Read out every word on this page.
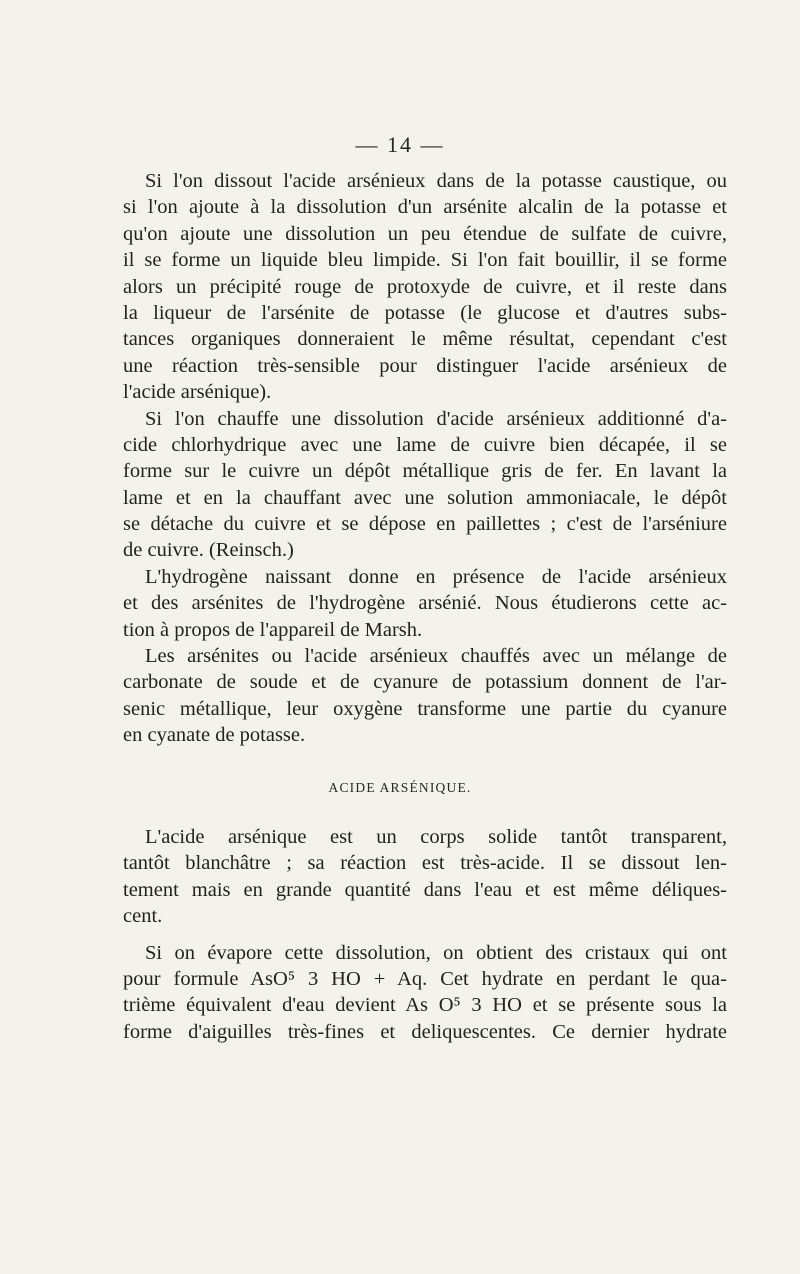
— 14 —
Si l'on dissout l'acide arsénieux dans de la potasse caustique, ou
si l'on ajoute à la dissolution d'un arsénite alcalin de la potasse et
qu'on ajoute une dissolution un peu étendue de sulfate de cuivre,
il se forme un liquide bleu limpide. Si l'on fait bouillir, il se forme
alors un précipité rouge de protoxyde de cuivre, et il reste dans
la liqueur de l'arsénite de potasse (le glucose et d'autres subs-
tances organiques donneraient le même résultat, cependant c'est
une réaction très-sensible pour distinguer l'acide arsénieux de
l'acide arsénique).
Si l'on chauffe une dissolution d'acide arsénieux additionné d'a-
cide chlorhydrique avec une lame de cuivre bien décapée, il se
forme sur le cuivre un dépôt métallique gris de fer. En lavant la
lame et en la chauffant avec une solution ammoniacale, le dépôt
se détache du cuivre et se dépose en paillettes ; c'est de l'arséniure
de cuivre. (Reinsch.)
L'hydrogène naissant donne en présence de l'acide arsénieux
et des arsénites de l'hydrogène arsénié. Nous étudierons cette ac-
tion à propos de l'appareil de Marsh.
Les arsénites ou l'acide arsénieux chauffés avec un mélange de
carbonate de soude et de cyanure de potassium donnent de l'ar-
senic métallique, leur oxygène transforme une partie du cyanure
en cyanate de potasse.
ACIDE ARSÉNIQUE.
L'acide arsénique est un corps solide tantôt transparent,
tantôt blanchâtre ; sa réaction est très-acide. Il se dissout len-
tement mais en grande quantité dans l'eau et est même déliques-
cent.
Si on évapore cette dissolution, on obtient des cristaux qui ont
pour formule AsO⁵ 3 HO + Aq. Cet hydrate en perdant le qua-
trième équivalent d'eau devient As O⁵ 3 HO et se présente sous la
forme d'aiguilles très-fines et deliquescentes. Ce dernier hydrate
